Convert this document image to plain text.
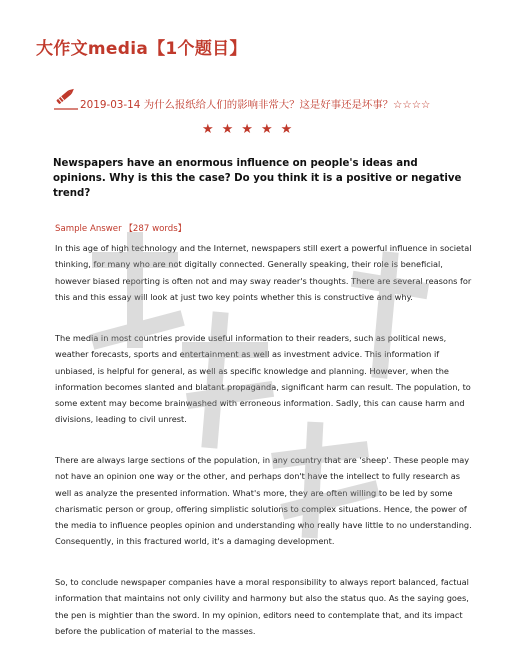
大作文media【1个题目】
2019-03-14 为什么报纸给人们的影响非常大？这是好事还是坏事？☆☆☆☆
★★★★★
Newspapers have an enormous influence on people's ideas and opinions. Why is this the case? Do you think it is a positive or negative trend?
Sample Answer 【287 words】
In this age of high technology and the Internet, newspapers still exert a powerful influence in societal thinking, for many who are not digitally connected. Generally speaking, their role is beneficial, however biased reporting is often not and may sway reader's thoughts. There are several reasons for this and this essay will look at just two key points whether this is constructive and why.
The media in most countries provide useful information to their readers, such as political news, weather forecasts, sports and entertainment as well as investment advice. This information if unbiased, is helpful for general, as well as specific knowledge and planning. However, when the information becomes slanted and blatant propaganda, significant harm can result. The population, to some extent may become brainwashed with erroneous information. Sadly, this can cause harm and divisions, leading to civil unrest.
There are always large sections of the population, in any country that are 'sheep'. These people may not have an opinion one way or the other, and perhaps don't have the intellect to fully research as well as analyze the presented information. What's more, they are often willing to be led by some charismatic person or group, offering simplistic solutions to complex situations. Hence, the power of the media to influence peoples opinion and understanding who really have little to no understanding. Consequently, in this fractured world, it's a damaging development.
So, to conclude newspaper companies have a moral responsibility to always report balanced, factual information that maintains not only civility and harmony but also the status quo. As the saying goes, the pen is mightier than the sword. In my opinion, editors need to contemplate that, and its impact before the publication of material to the masses.
